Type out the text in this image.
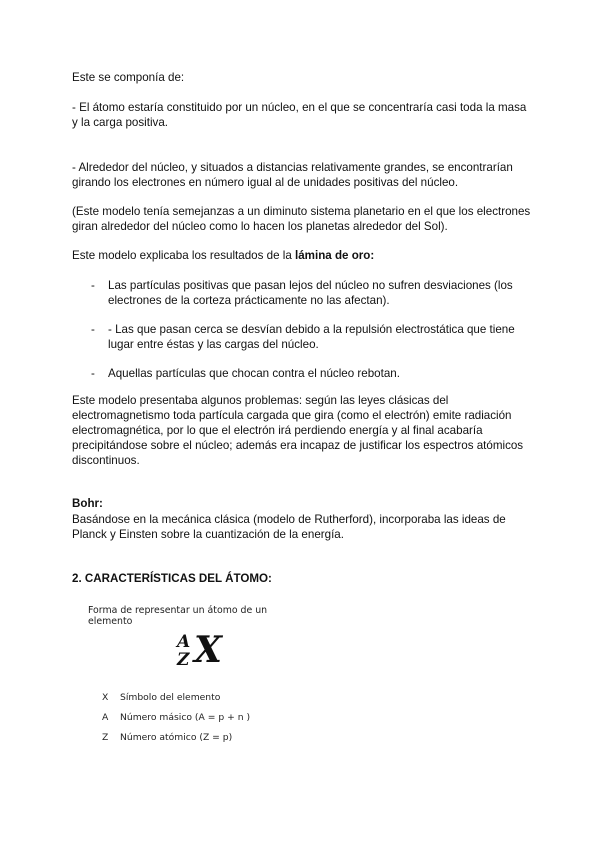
Este se componía de:

- El átomo estaría constituido por un núcleo, en el que se concentraría casi toda la masa y la carga positiva.

- Alrededor del núcleo, y situados a distancias relativamente grandes, se encontrarían girando los electrones en número igual al de unidades positivas del núcleo.

(Este modelo tenía semejanzas a un diminuto sistema planetario en el que los electrones giran alrededor del núcleo como lo hacen los planetas alrededor del Sol).

Este modelo explicaba los resultados de la lámina de oro:

- Las partículas positivas que pasan lejos del núcleo no sufren desviaciones (los electrones de la corteza prácticamente no las afectan).

- - Las que pasan cerca se desvían debido a la repulsión electrostática que tiene lugar entre éstas y las cargas del núcleo.

- Aquellas partículas que chocan contra el núcleo rebotan.

Este modelo presentaba algunos problemas: según las leyes clásicas del electromagnetismo toda partícula cargada que gira (como el electrón) emite radiación electromagnética, por lo que el electrón irá perdiendo energía y al final acabaría precipitándose sobre el núcleo; además era incapaz de justificar los espectros atómicos discontinuos.

Bohr:

Basándose en la mecánica clásica (modelo de Rutherford), incorporaba las ideas de Planck y Einsten sobre la cuantización de la energía.

2. CARACTERÍSTICAS DEL ÁTOMO:

Forma de representar un átomo de un elemento
A
Z X
X Símbolo del elemento
A Número másico (A = p + n )
Z Número atómico (Z = p)
